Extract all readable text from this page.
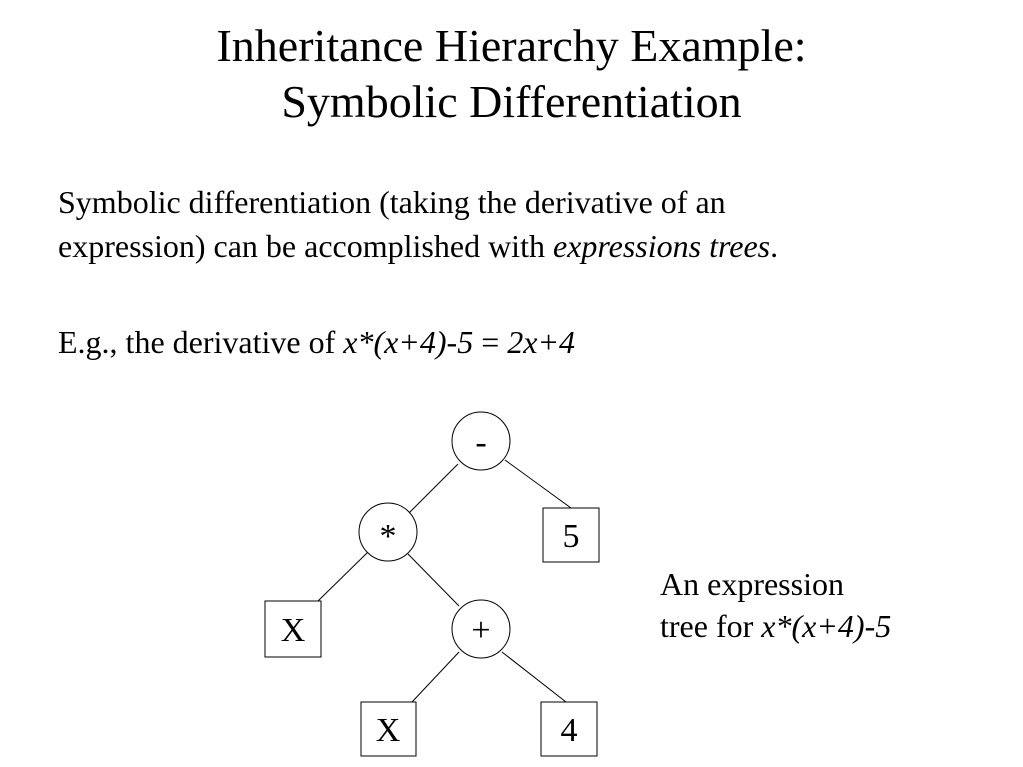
Inheritance Hierarchy Example:
Symbolic Differentiation
Symbolic differentiation (taking the derivative of an
expression) can be accomplished with expressions trees.
E.g., the derivative of x*(x+4)-5 = 2x+4
-
*	5
X	+
X	4
An expression
tree for x*(x+4)-5
